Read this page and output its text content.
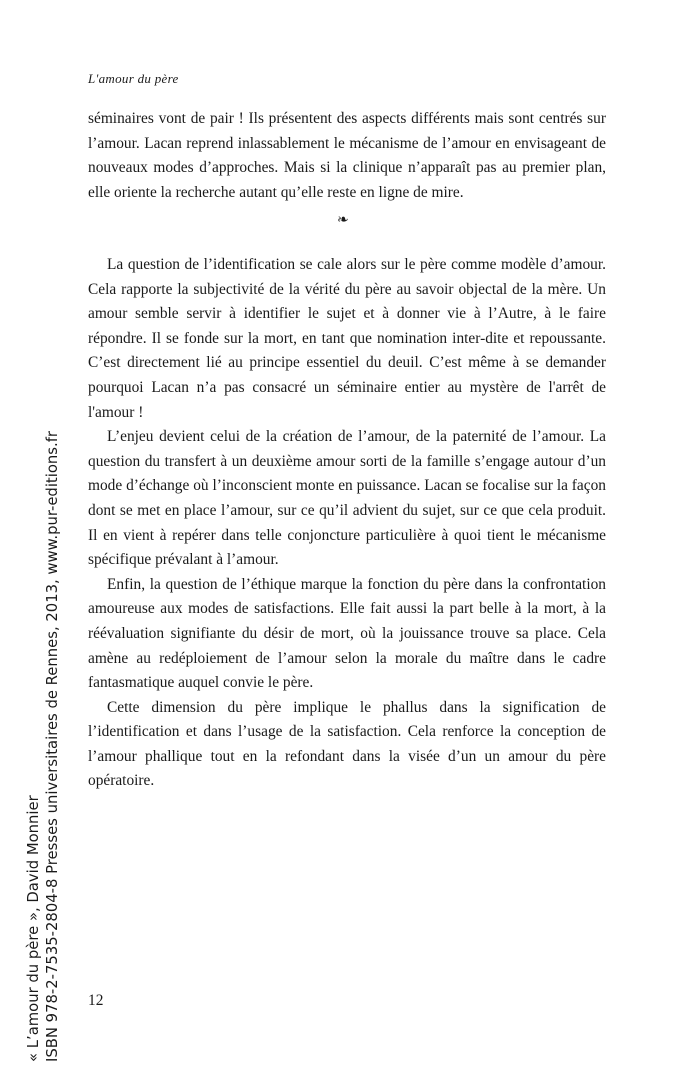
L'amour du père

séminaires vont de pair ! Ils présentent des aspects différents mais sont centrés sur l’amour. Lacan reprend inlassablement le mécanisme de l’amour en envisageant de nouveaux modes d’approches. Mais si la clinique n’apparaît pas au premier plan, elle oriente la recherche autant qu’elle reste en ligne de mire.

❧

La question de l’identification se cale alors sur le père comme modèle d’amour. Cela rapporte la subjectivité de la vérité du père au savoir objectal de la mère. Un amour semble servir à identifier le sujet et à donner vie à l’Autre, à le faire répondre. Il se fonde sur la mort, en tant que nomination inter-dite et repoussante. C’est directement lié au principe essentiel du deuil. C’est même à se demander pourquoi Lacan n’a pas consacré un séminaire entier au mystère de l'arrêt de l'amour !

L’enjeu devient celui de la création de l’amour, de la paternité de l’amour. La question du transfert à un deuxième amour sorti de la famille s’engage autour d’un mode d’échange où l’inconscient monte en puissance. Lacan se focalise sur la façon dont se met en place l’amour, sur ce qu’il advient du sujet, sur ce que cela produit. Il en vient à repérer dans telle conjoncture particulière à quoi tient le mécanisme spécifique prévalant à l’amour.

Enfin, la question de l’éthique marque la fonction du père dans la confrontation amoureuse aux modes de satisfactions. Elle fait aussi la part belle à la mort, à la réévaluation signifiante du désir de mort, où la jouissance trouve sa place. Cela amène au redéploiement de l’amour selon la morale du maître dans le cadre fantasmatique auquel convie le père.

Cette dimension du père implique le phallus dans la signification de l’identification et dans l’usage de la satisfaction. Cela renforce la conception de l’amour phallique tout en la refondant dans la visée d’un un amour du père opératoire.

12
« L’amour du père », David Monnier ISBN 978-2-7535-2804-8 Presses universitaires de Rennes, 2013, www.pur-editions.fr
